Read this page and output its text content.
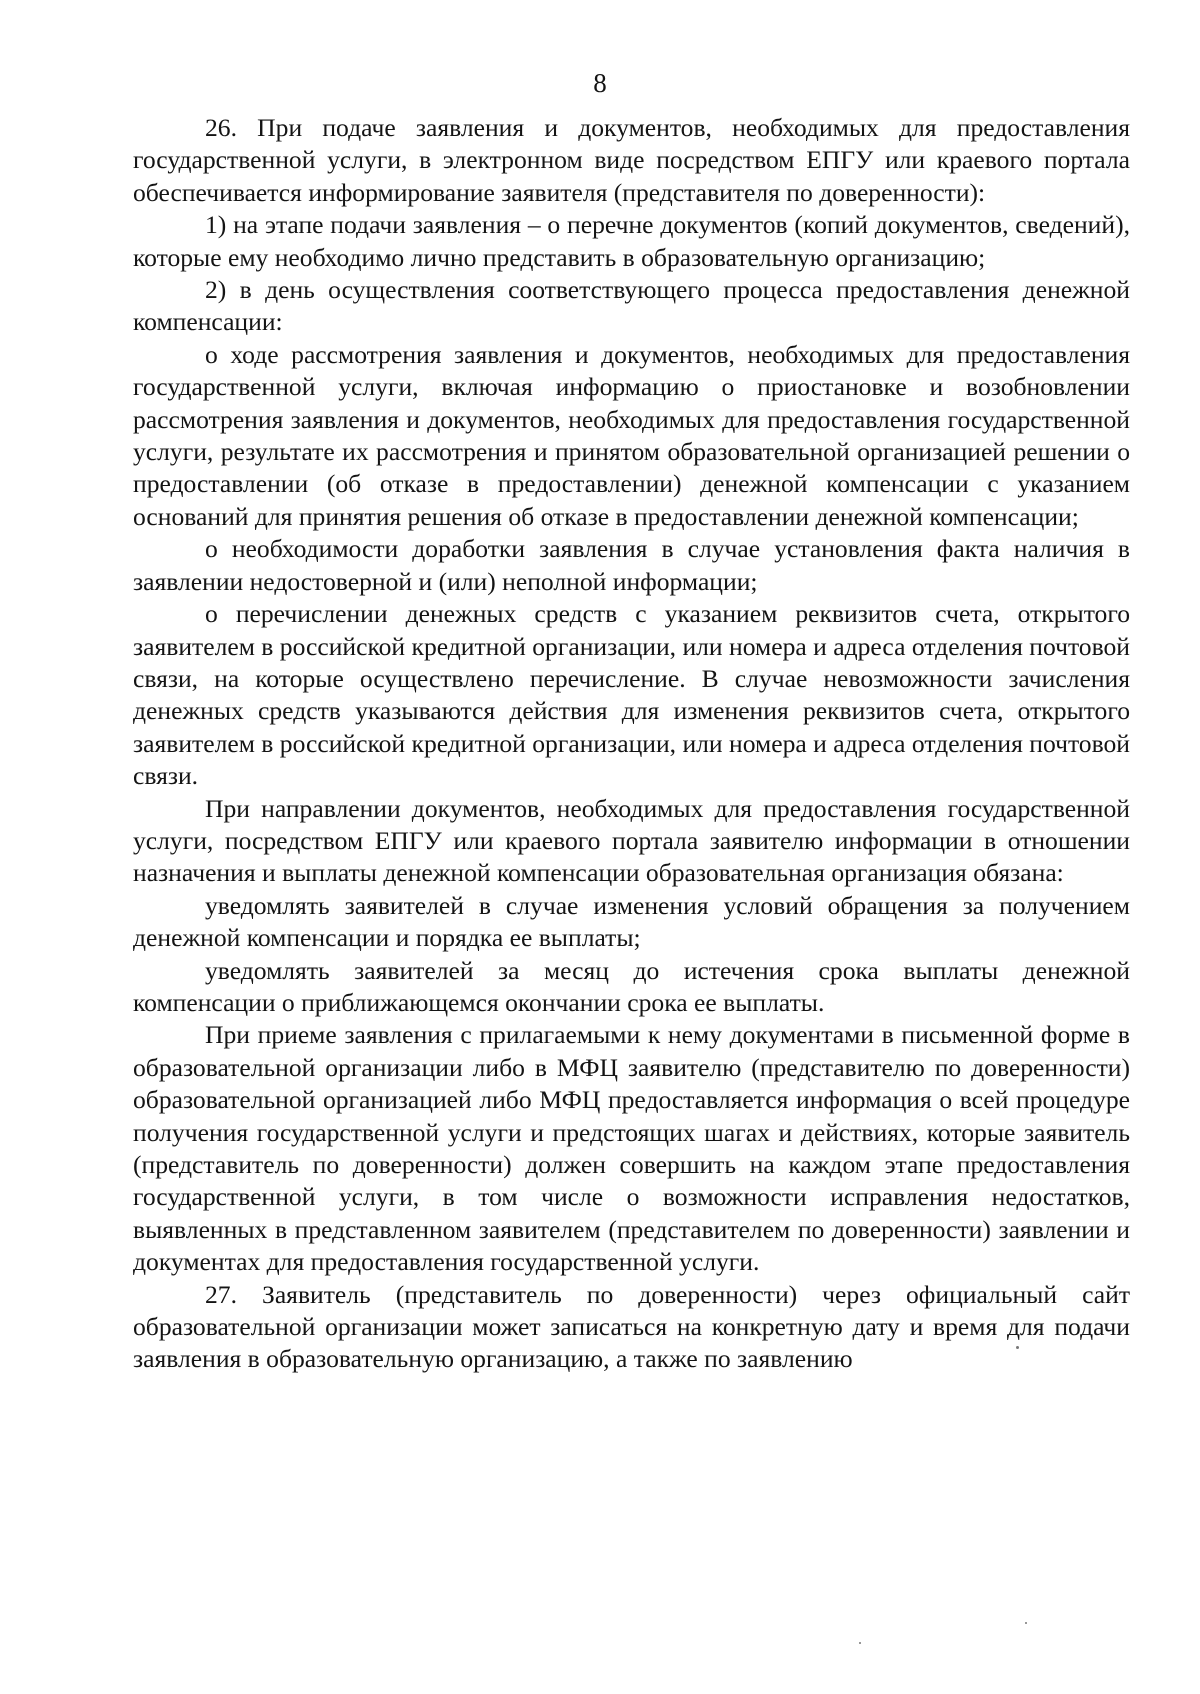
8

26. При подаче заявления и документов, необходимых для предоставления государственной услуги, в электронном виде посредством ЕПГУ или краевого портала обеспечивается информирование заявителя (представителя по доверенности):

1) на этапе подачи заявления – о перечне документов (копий документов, сведений), которые ему необходимо лично представить в образовательную организацию;

2) в день осуществления соответствующего процесса предоставления денежной компенсации:

о ходе рассмотрения заявления и документов, необходимых для предоставления государственной услуги, включая информацию о приостановке и возобновлении рассмотрения заявления и документов, необходимых для предоставления государственной услуги, результате их рассмотрения и принятом образовательной организацией решении о предоставлении (об отказе в предоставлении) денежной компенсации с указанием оснований для принятия решения об отказе в предоставлении денежной компенсации;

о необходимости доработки заявления в случае установления факта наличия в заявлении недостоверной и (или) неполной информации;

о перечислении денежных средств с указанием реквизитов счета, открытого заявителем в российской кредитной организации, или номера и адреса отделения почтовой связи, на которые осуществлено перечисление. В случае невозможности зачисления денежных средств указываются действия для изменения реквизитов счета, открытого заявителем в российской кредитной организации, или номера и адреса отделения почтовой связи.

При направлении документов, необходимых для предоставления государственной услуги, посредством ЕПГУ или краевого портала заявителю информации в отношении назначения и выплаты денежной компенсации образовательная организация обязана:

уведомлять заявителей в случае изменения условий обращения за получением денежной компенсации и порядка ее выплаты;

уведомлять заявителей за месяц до истечения срока выплаты денежной компенсации о приближающемся окончании срока ее выплаты.

При приеме заявления с прилагаемыми к нему документами в письменной форме в образовательной организации либо в МФЦ заявителю (представителю по доверенности) образовательной организацией либо МФЦ предоставляется информация о всей процедуре получения государственной услуги и предстоящих шагах и действиях, которые заявитель (представитель по доверенности) должен совершить на каждом этапе предоставления государственной услуги, в том числе о возможности исправления недостатков, выявленных в представленном заявителем (представителем по доверенности) заявлении и документах для предоставления государственной услуги.

27. Заявитель (представитель по доверенности) через официальный сайт образовательной организации может записаться на конкретную дату и время для подачи заявления в образовательную организацию, а также по заявлению
